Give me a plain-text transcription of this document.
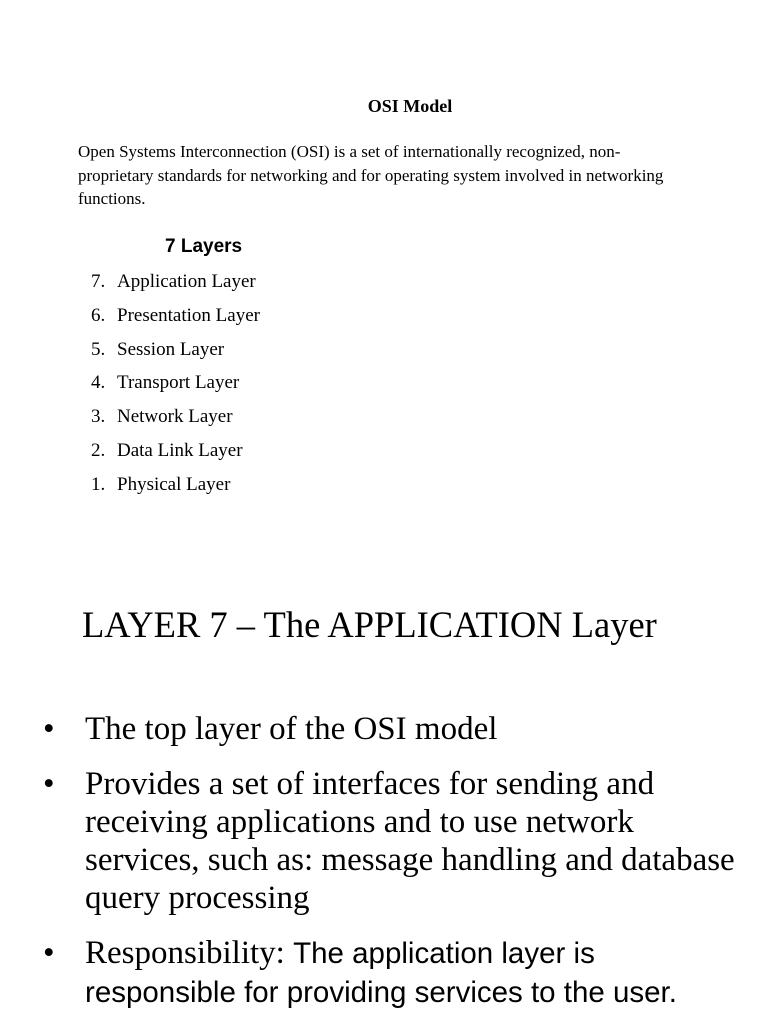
OSI Model
Open Systems Interconnection (OSI) is a set of internationally recognized, non-proprietary standards for networking and for operating system involved in networking functions.
7 Layers
7. Application Layer
6. Presentation Layer
5. Session Layer
4. Transport Layer
3. Network Layer
2. Data Link Layer
1. Physical Layer
LAYER 7 – The APPLICATION Layer
• The top layer of the OSI model
• Provides a set of interfaces for sending and receiving applications and to use network services, such as: message handling and database query processing
• Responsibility: The application layer is responsible for providing services to the user.
